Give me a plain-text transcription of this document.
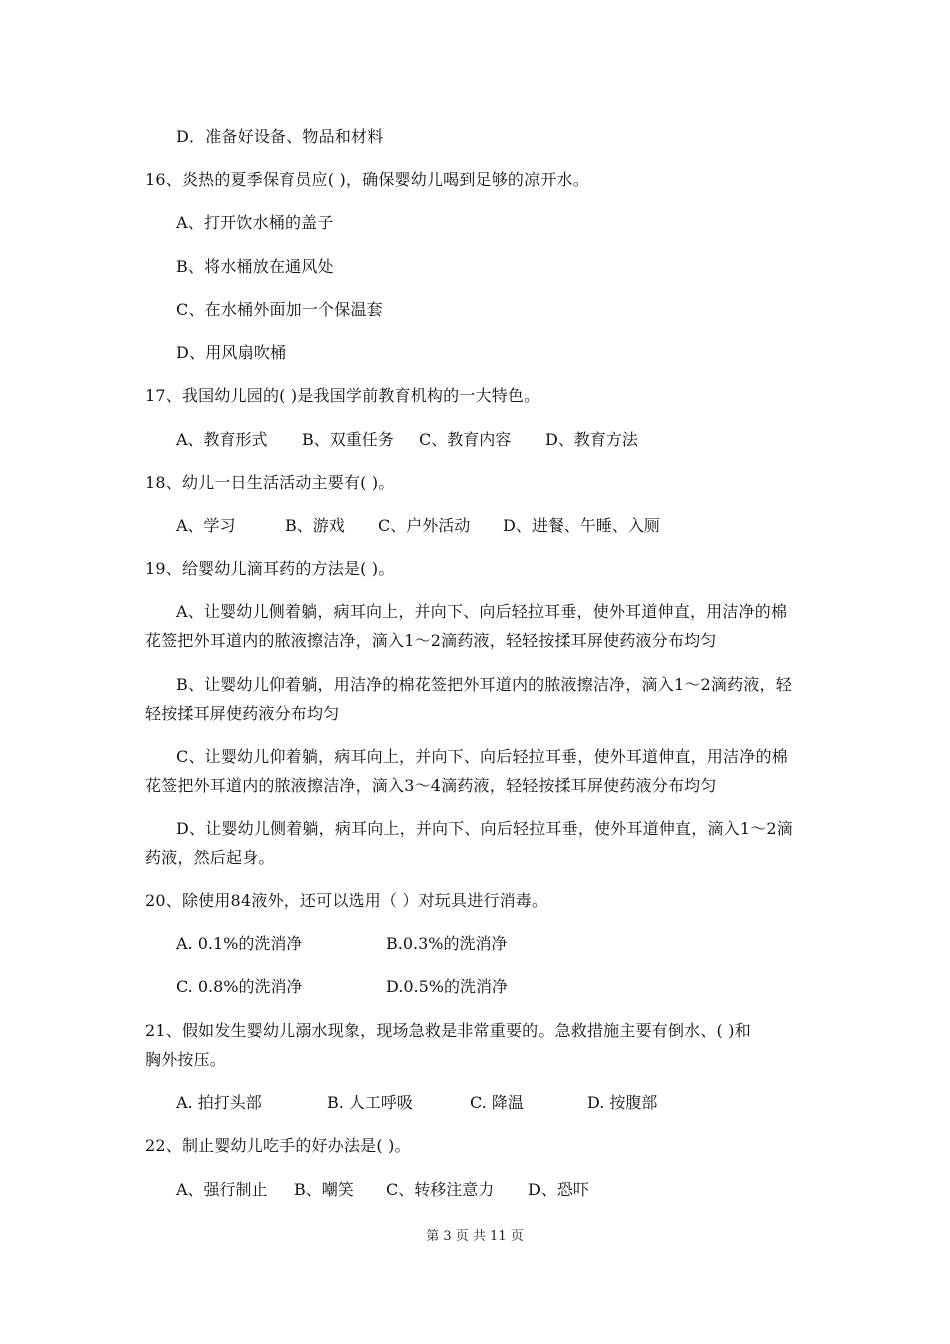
D．准备好设备、物品和材料
16、炎热的夏季保育员应( )，确保婴幼儿喝到足够的凉开水。
A、打开饮水桶的盖子
B、将水桶放在通风处
C、在水桶外面加一个保温套
D、用风扇吹桶
17、我国幼儿园的( )是我国学前教育机构的一大特色。
A、教育形式 B、双重任务 C、教育内容 D、教育方法
18、幼儿一日生活活动主要有( )。
A、学习	B、游戏 C、户外活动 D、进餐、午睡、入厕
19、给婴幼儿滴耳药的方法是( )。
A、让婴幼儿侧着躺，病耳向上，并向下、向后轻拉耳垂，使外耳道伸直，用洁净的棉
花签把外耳道内的脓液擦洁净，滴入1～2滴药液，轻轻按揉耳屏使药液分布均匀
B、让婴幼儿仰着躺，用洁净的棉花签把外耳道内的脓液擦洁净，滴入1～2滴药液，轻
轻按揉耳屏使药液分布均匀
C、让婴幼儿仰着躺，病耳向上，并向下、向后轻拉耳垂，使外耳道伸直，用洁净的棉
花签把外耳道内的脓液擦洁净，滴入3～4滴药液，轻轻按揉耳屏使药液分布均匀
D、让婴幼儿侧着躺，病耳向上，并向下、向后轻拉耳垂，使外耳道伸直，滴入1～2滴
药液，然后起身。
20、除使用84液外，还可以选用（ ）对玩具进行消毒。
A. 0.1%的洗消净	B.0.3%的洗消净
C. 0.8%的洗消净	D.0.5%的洗消净
21、假如发生婴幼儿溺水现象，现场急救是非常重要的。急救措施主要有倒水、( )和
胸外按压。
A. 拍打头部	B. 人工呼吸	C. 降温	D. 按腹部
22、制止婴幼儿吃手的好办法是( )。
A、强行制止 B、嘲笑 C、转移注意力 D、恐吓
第 3 页 共 11 页
